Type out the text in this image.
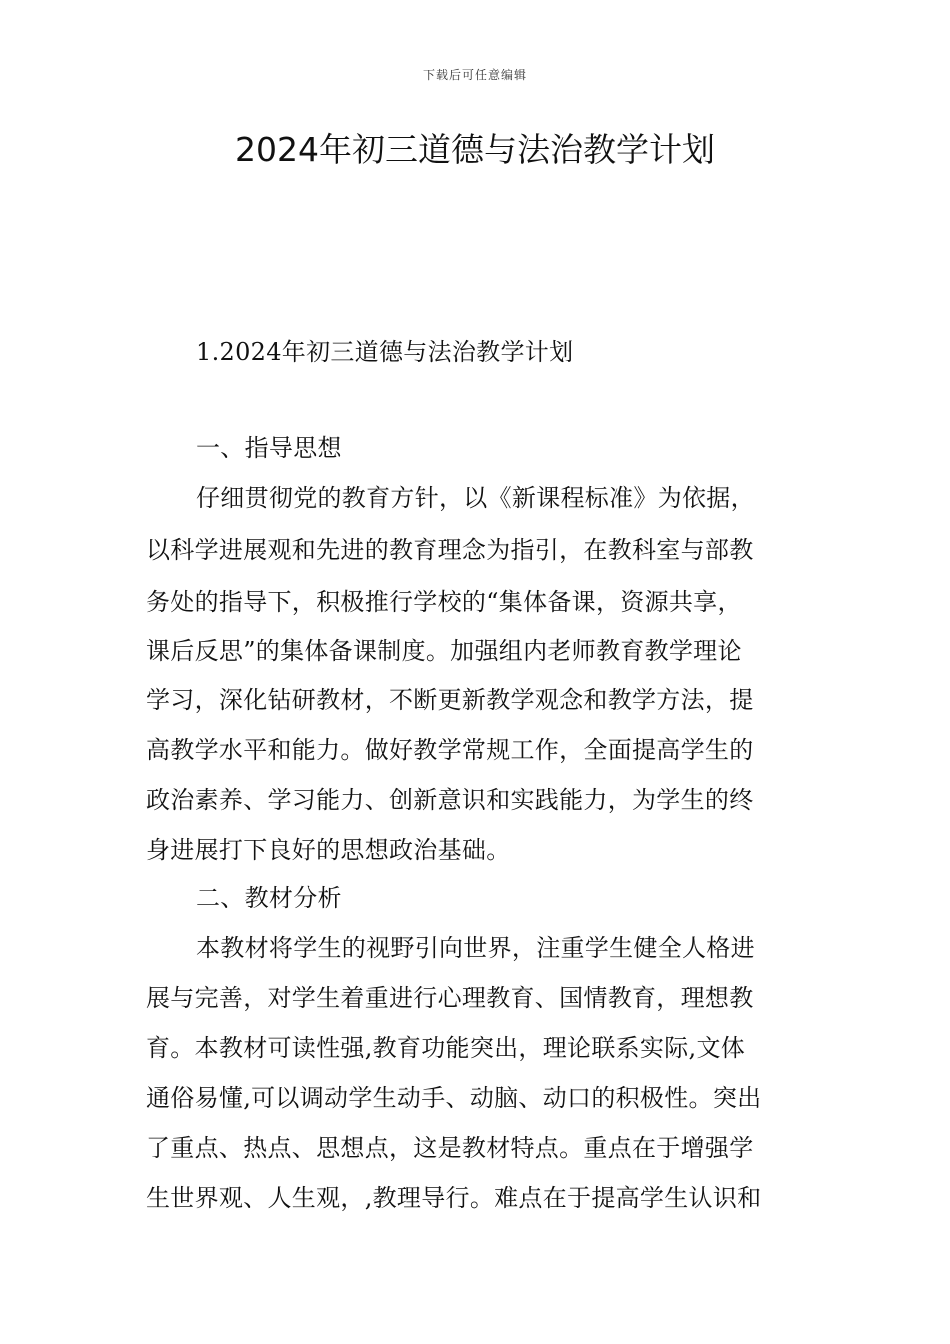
下载后可任意编辑
2024年初三道德与法治教学计划
1.2024年初三道德与法治教学计划
一、指导思想
仔细贯彻党的教育方针，以《新课程标准》为依据，
以科学进展观和先进的教育理念为指引，在教科室与部教
务处的指导下，积极推行学校的“集体备课，资源共享，
课后反思”的集体备课制度。加强组内老师教育教学理论
学习，深化钻研教材，不断更新教学观念和教学方法，提
高教学水平和能力。做好教学常规工作，全面提高学生的
政治素养、学习能力、创新意识和实践能力，为学生的终
身进展打下良好的思想政治基础。
二、教材分析
本教材将学生的视野引向世界，注重学生健全人格进
展与完善，对学生着重进行心理教育、国情教育，理想教
育。本教材可读性强,教育功能突出，理论联系实际,文体
通俗易懂,可以调动学生动手、动脑、动口的积极性。突出
了重点、热点、思想点，这是教材特点。重点在于增强学
生世界观、人生观，,教理导行。难点在于提高学生认识和
